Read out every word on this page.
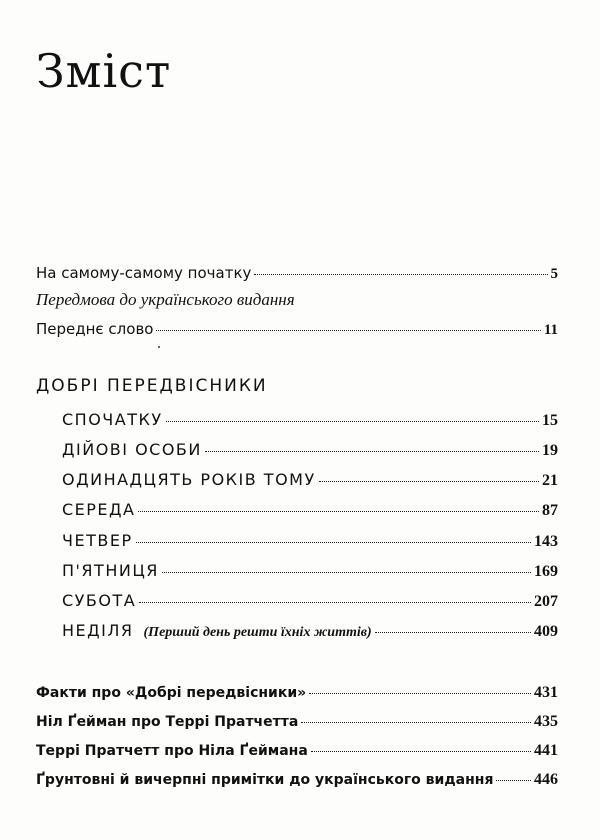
Зміст
На самому-самому початку	5
Передмова до українського видання
Переднє слово	11
ДОБРІ ПЕРЕДВІСНИКИ
СПОЧАТКУ	15
ДІЙОВІ ОСОБИ	19
ОДИНАДЦЯТЬ РОКІВ ТОМУ	21
СЕРЕДА	87
ЧЕТВЕР	143
П'ЯТНИЦЯ	169
СУБОТА	207
НЕДІЛЯ (Перший день решти їхніх життів)	409
Факти про «Добрі передвісники»	431
Ніл Ґейман про Террі Пратчетта	435
Террі Пратчетт про Ніла Ґеймана	441
Ґрунтовні й вичерпні примітки до українського видання	446
